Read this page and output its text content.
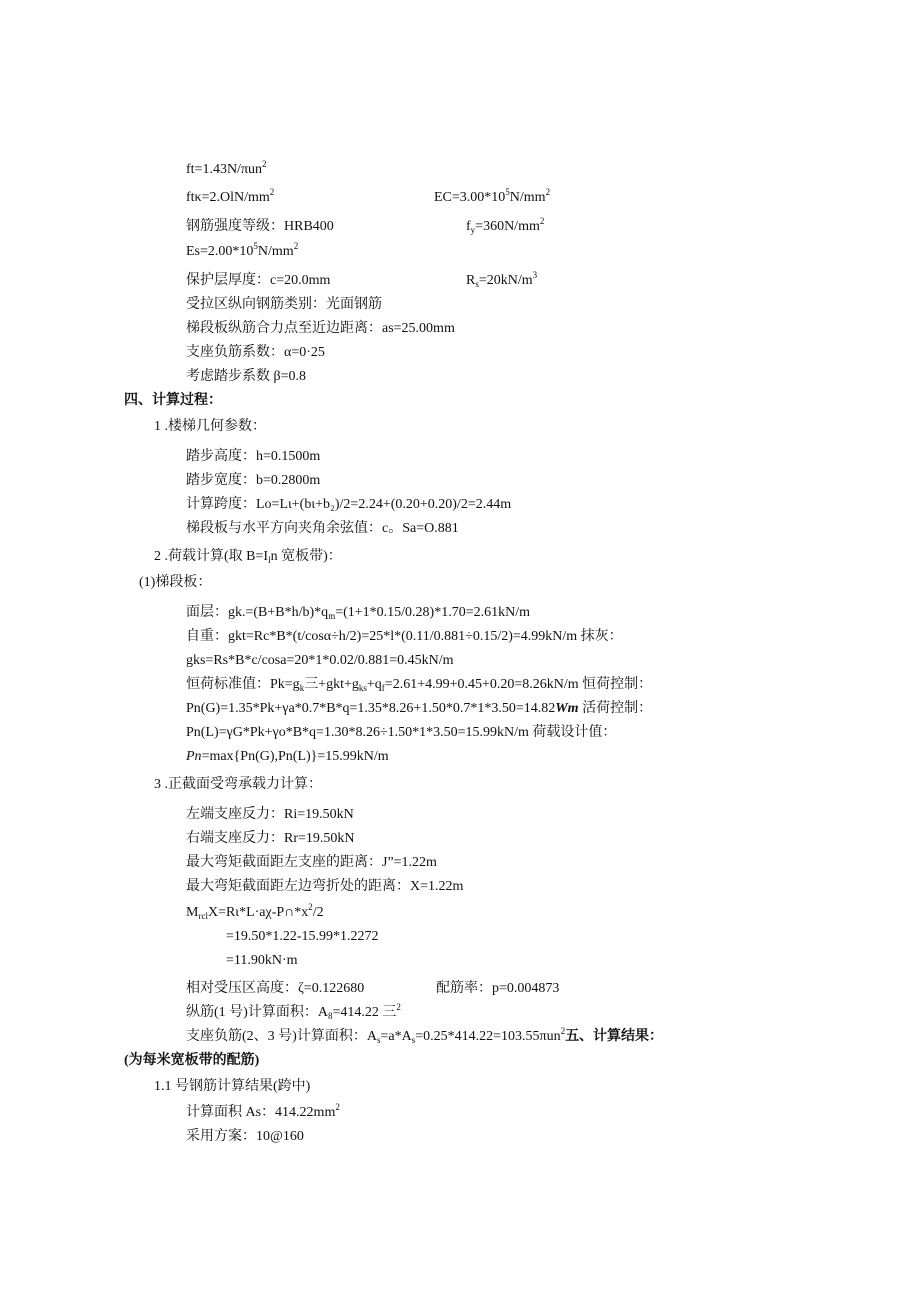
ft=1.43N/πun$^2$
$ft\kappa=2.OlN/mm^2$	$EC=3.00*10^5N/mm^2$
钢筋强度等级：HRB400	$f_y=360N/mm^2$
$Es=2.00*10^5N/mm^2$
保护层厚度：c=20.0mm	$R_s=20kN/m^3$
受拉区纵向钢筋类别：光面钢筋
梯段板纵筋合力点至近边距离：as=25.00mm
支座负筋系数：α=0·25
考虑踏步系数 β=0.8
四、计算过程：
1 .楼梯几何参数：
踏步高度：h=0.1500m
踏步宽度：b=0.2800m
计算跨度：Lo=Lι+(bι+b₂)/2=2.24+(0.20+0.20)/2=2.44m
梯段板与水平方向夹角余弦值：c。Sa=O.881
2 .荷载计算(取 $B=I_ln$ 宽板带)：
(1)梯段板：
面层：$gk.=(B+B*h/b)*q_m=(1+1*0.15/0.28)*1.70=2.61kN/m$
自重：gkt=Rc*B*(t/cosα÷h/2)=25*l*(0.11/0.881÷0.15/2)=4.99kN/m 抹灰：
gks=Rs*B*c/cosa=20*1*0.02/0.881=0.45kN/m
恒荷标准值：$Pk=g_k$三$+gkt+g_{ks}+q_f=2.61+4.99+0.45+0.20=8.26kN/m$ 恒荷控制：
Pn(G)=1.35*Pk+γa*0.7*B*q=1.35*8.26+1.50*0.7*1*3.50=14.82Wm 活荷控制：
Pn(L)=γG*Pk+γo*B*q=1.30*8.26÷1.50*1*3.50=15.99kN/m 荷载设计值：
Pn=max{Pn(G),Pn(L)}=15.99kN/m
3 .正截面受弯承载力计算：
左端支座反力：Ri=19.50kN
右端支座反力：Rr=19.50kN
最大弯矩截面距左支座的距离：J”=1.22m
最大弯矩截面距左边弯折处的距离：X=1.22m
$M_{rcl}X=R\iota*L\cdot a\chi-P\cap*x^2/2$
=19.50*1.22-15.99*1.2272
=11.90kN·m
相对受压区高度：ζ=0.122680	配筋率：p=0.004873
纵筋(1 号)计算面积：$A_8=414.22$ 三$^2$
支座负筋(2、3 号)计算面积：$A_s=a*A_s=0.25*414.22=103.55\pi un^2$五、计算结果：
(为每米宽板带的配筋)
1.1 号钢筋计算结果(跨中)
计算面积 As：$414.22mm^2$
采用方案：10@160
